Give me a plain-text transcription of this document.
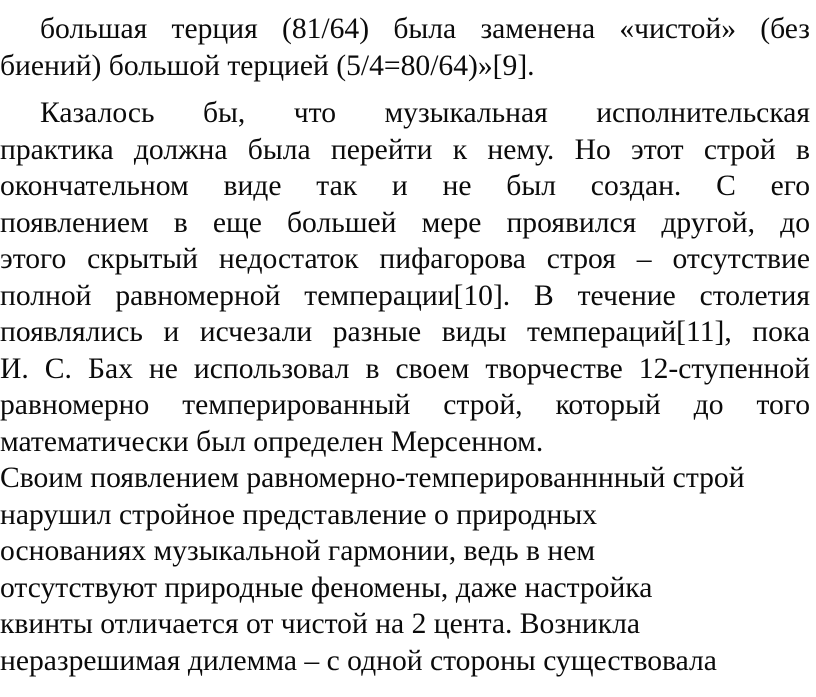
большая терция (81/64) была заменена «чистой» (без
биений) большой терцией (5/4=80/64)»[9].
Казалось бы, что музыкальная исполнительская
практика должна была перейти к нему. Но этот строй в
окончательном виде так и не был создан. С его
появлением в еще большей мере проявился другой, до
этого скрытый недостаток пифагорова строя – отсутствие
полной равномерной темперации[10]. В течение столетия
появлялись и исчезали разные виды темпераций[11], пока
И. С. Бах не использовал в своем творчестве 12-ступенной
равномерно темперированный строй, который до того
математически был определен Мерсенном.
Своим появлением равномерно-темперированннный строй
нарушил стройное представление о природных
основаниях музыкальной гармонии, ведь в нем
отсутствуют природные феномены, даже настройка
квинты отличается от чистой на 2 цента. Возникла
неразрешимая дилемма – с одной стороны существовала
